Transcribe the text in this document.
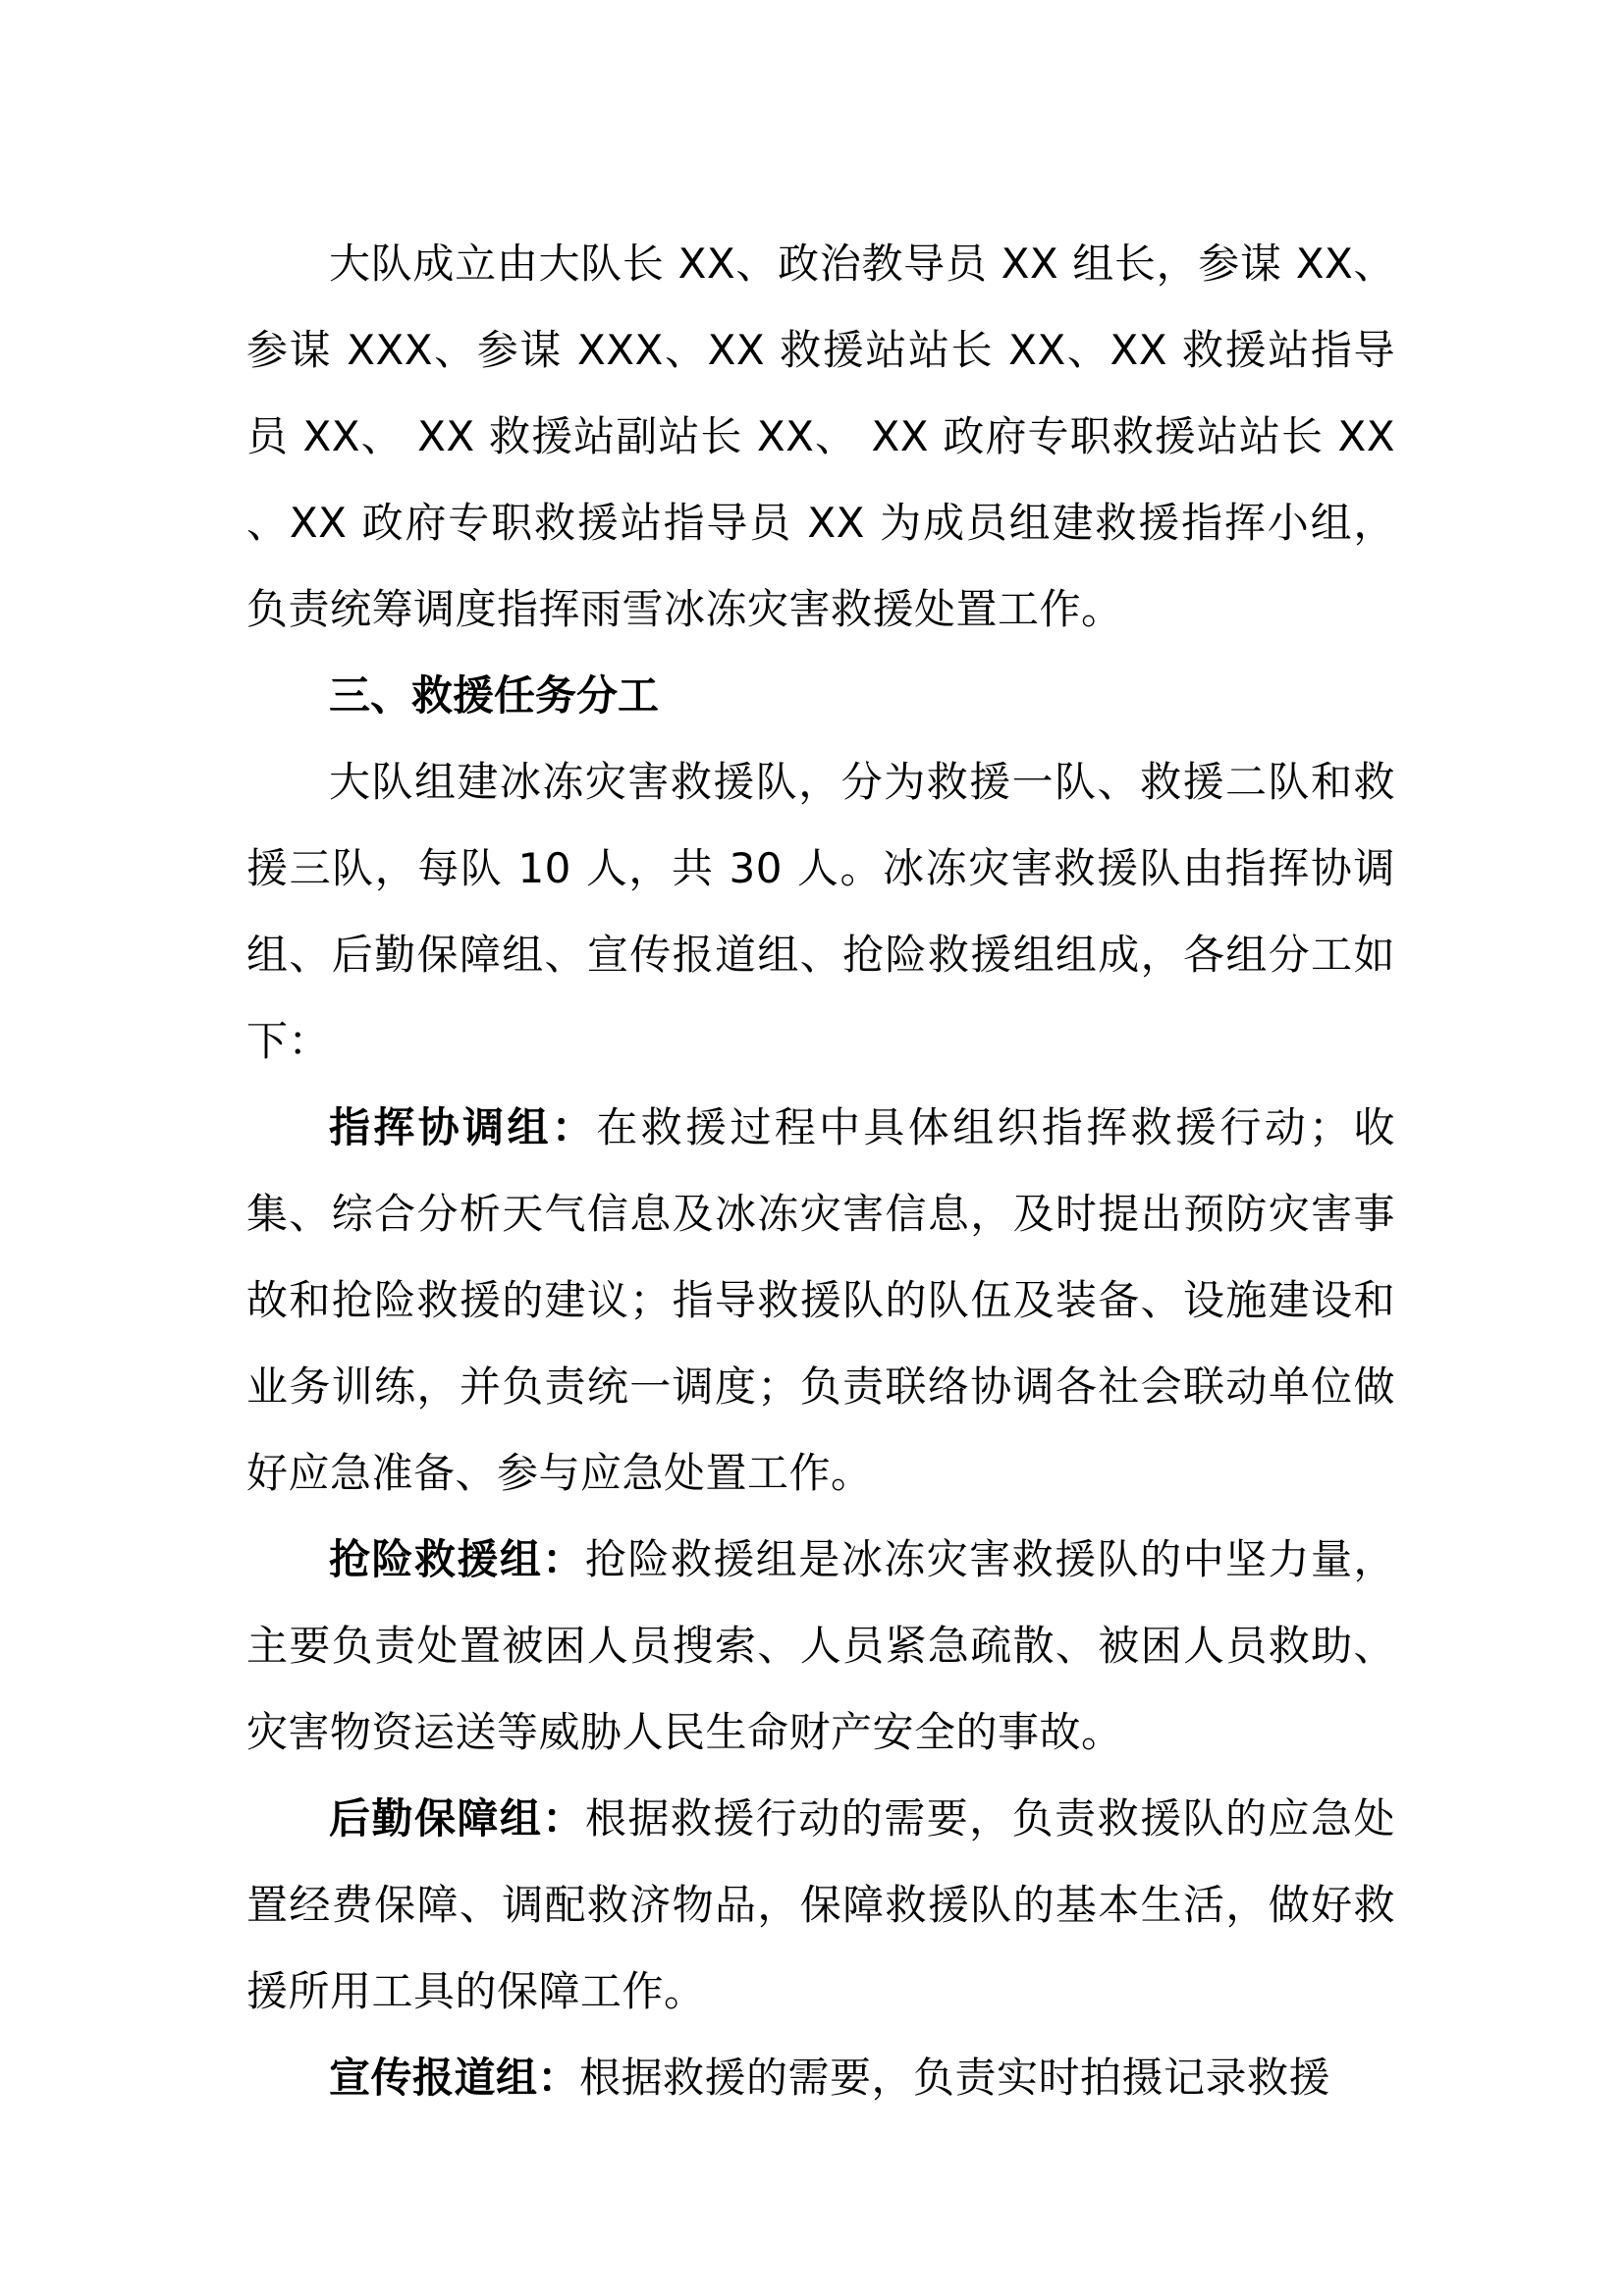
大队成立由大队长 XX、政治教导员 XX 组长，参谋 XX、参谋 XXX、参谋 XXX、XX 救援站站长 XX、XX 救援站指导员 XX、 XX 救援站副站长 XX、 XX 政府专职救援站站长 XX 、XX 政府专职救援站指导员 XX 为成员组建救援指挥小组，负责统筹调度指挥雨雪冰冻灾害救援处置工作。

三、救援任务分工

大队组建冰冻灾害救援队，分为救援一队、救援二队和救援三队，每队 10 人，共 30 人。冰冻灾害救援队由指挥协调组、后勤保障组、宣传报道组、抢险救援组组成，各组分工如下：

指挥协调组：在救援过程中具体组织指挥救援行动；收集、综合分析天气信息及冰冻灾害信息，及时提出预防灾害事故和抢险救援的建议；指导救援队的队伍及装备、设施建设和业务训练，并负责统一调度；负责联络协调各社会联动单位做好应急准备、参与应急处置工作。

抢险救援组：抢险救援组是冰冻灾害救援队的中坚力量，主要负责处置被困人员搜索、人员紧急疏散、被困人员救助、灾害物资运送等威胁人民生命财产安全的事故。

后勤保障组：根据救援行动的需要，负责救援队的应急处置经费保障、调配救济物品，保障救援队的基本生活，做好救援所用工具的保障工作。

宣传报道组：根据救援的需要，负责实时拍摄记录救援
